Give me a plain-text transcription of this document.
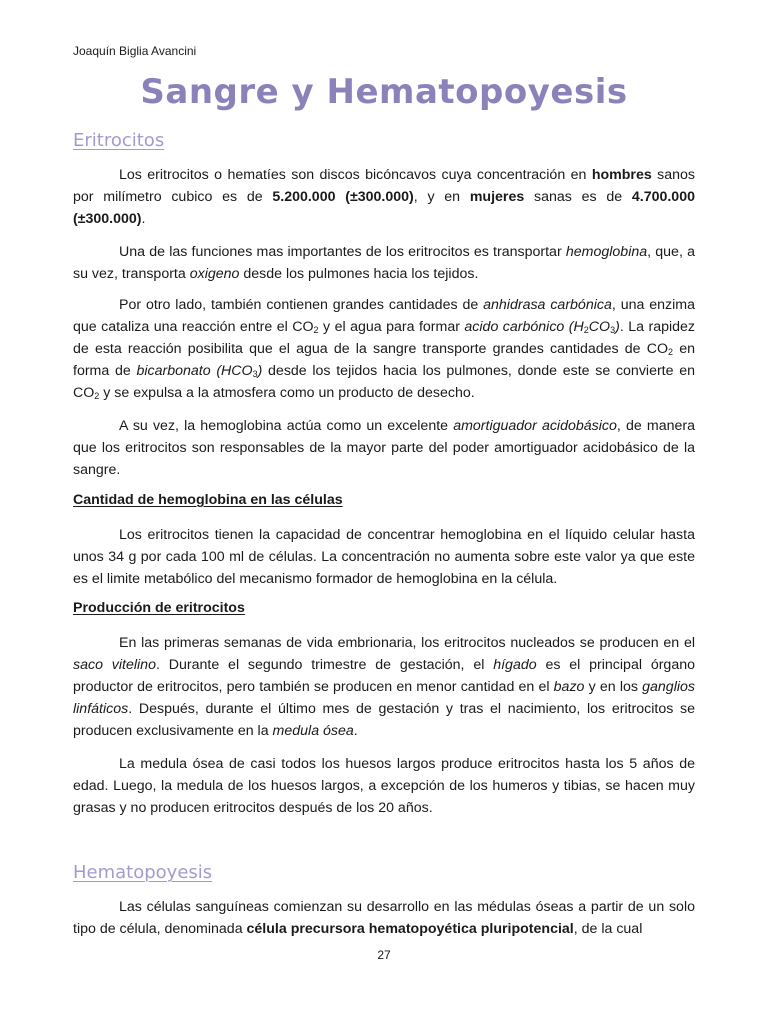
Joaquín Biglia Avancini
Sangre y Hematopoyesis
Eritrocitos

Los eritrocitos o hematíes son discos bicóncavos cuya concentración en hombres sanos por milímetro cubico es de 5.200.000 (±300.000), y en mujeres sanas es de 4.700.000 (±300.000).

Una de las funciones mas importantes de los eritrocitos es transportar hemoglobina, que, a su vez, transporta oxigeno desde los pulmones hacia los tejidos.

Por otro lado, también contienen grandes cantidades de anhidrasa carbónica, una enzima que cataliza una reacción entre el $CO_2$ y el agua para formar acido carbónico $(H_2CO_3)$. La rapidez de esta reacción posibilita que el agua de la sangre transporte grandes cantidades de $CO_2$ en forma de bicarbonato $(HCO_3)$ desde los tejidos hacia los pulmones, donde este se convierte en $CO_2$ y se expulsa a la atmosfera como un producto de desecho.

A su vez, la hemoglobina actúa como un excelente amortiguador acidobásico, de manera que los eritrocitos son responsables de la mayor parte del poder amortiguador acidobásico de la sangre.

Cantidad de hemoglobina en las células

Los eritrocitos tienen la capacidad de concentrar hemoglobina en el líquido celular hasta unos 34 g por cada 100 ml de células. La concentración no aumenta sobre este valor ya que este es el limite metabólico del mecanismo formador de hemoglobina en la célula.

Producción de eritrocitos

En las primeras semanas de vida embrionaria, los eritrocitos nucleados se producen en el saco vitelino. Durante el segundo trimestre de gestación, el hígado es el principal órgano productor de eritrocitos, pero también se producen en menor cantidad en el bazo y en los ganglios linfáticos. Después, durante el último mes de gestación y tras el nacimiento, los eritrocitos se producen exclusivamente en la medula ósea.

La medula ósea de casi todos los huesos largos produce eritrocitos hasta los 5 años de edad. Luego, la medula de los huesos largos, a excepción de los humeros y tibias, se hacen muy grasas y no producen eritrocitos después de los 20 años.

Hematopoyesis

Las células sanguíneas comienzan su desarrollo en las médulas óseas a partir de un solo tipo de célula, denominada célula precursora hematopoyética pluripotencial, de la cual

27
